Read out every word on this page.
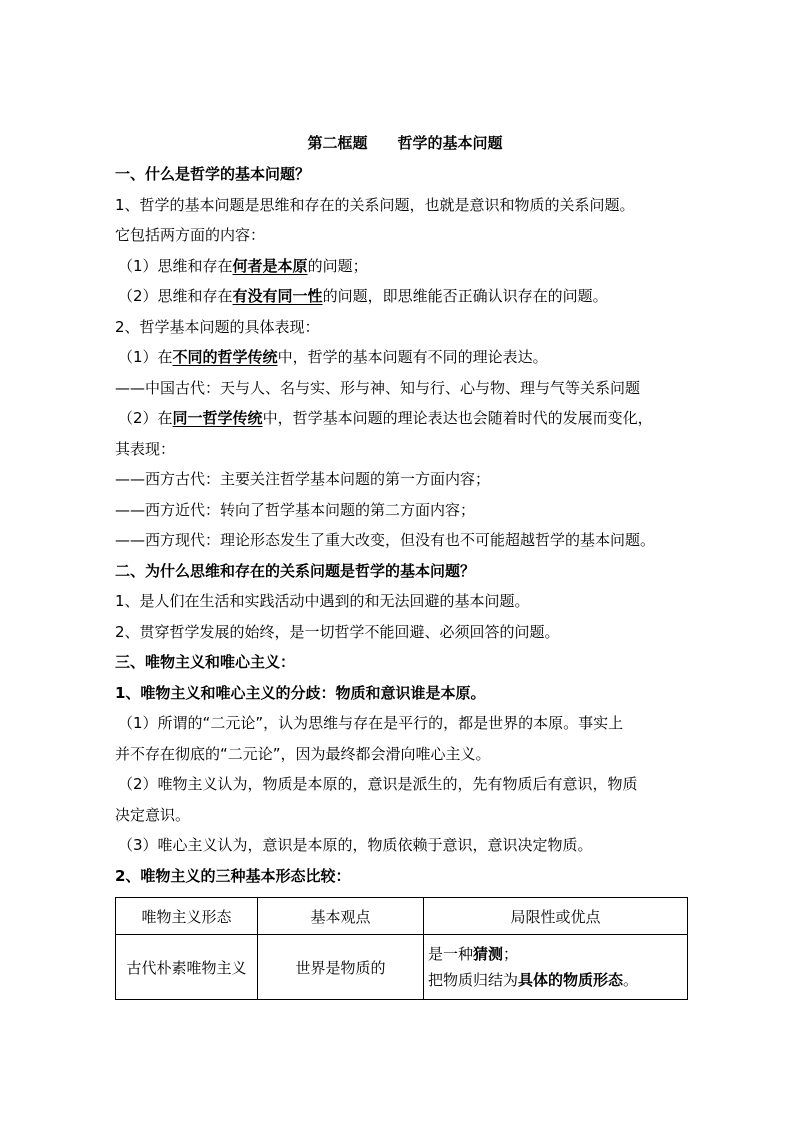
第二框题 哲学的基本问题

一、什么是哲学的基本问题？

1、哲学的基本问题是思维和存在的关系问题，也就是意识和物质的关系问题。

它包括两方面的内容：

（1）思维和存在何者是本原的问题；

（2）思维和存在有没有同一性的问题，即思维能否正确认识存在的问题。

2、哲学基本问题的具体表现：

（1）在不同的哲学传统中，哲学的基本问题有不同的理论表达。

——中国古代：天与人、名与实、形与神、知与行、心与物、理与气等关系问题

（2）在同一哲学传统中，哲学基本问题的理论表达也会随着时代的发展而变化，

其表现：

——西方古代：主要关注哲学基本问题的第一方面内容；

——西方近代：转向了哲学基本问题的第二方面内容；

——西方现代：理论形态发生了重大改变，但没有也不可能超越哲学的基本问题。

二、为什么思维和存在的关系问题是哲学的基本问题？

1、是人们在生活和实践活动中遇到的和无法回避的基本问题。

2、贯穿哲学发展的始终，是一切哲学不能回避、必须回答的问题。

三、唯物主义和唯心主义：

1、唯物主义和唯心主义的分歧：物质和意识谁是本原。

（1）所谓的“二元论”，认为思维与存在是平行的，都是世界的本原。事实上

并不存在彻底的“二元论”，因为最终都会滑向唯心主义。

（2）唯物主义认为，物质是本原的，意识是派生的，先有物质后有意识，物质

决定意识。

（3）唯心主义认为，意识是本原的，物质依赖于意识，意识决定物质。

2、唯物主义的三种基本形态比较：

唯物主义形态	基本观点	局限性或优点
古代朴素唯物主义	世界是物质的	是一种猜测；
把物质归结为具体的物质形态。
